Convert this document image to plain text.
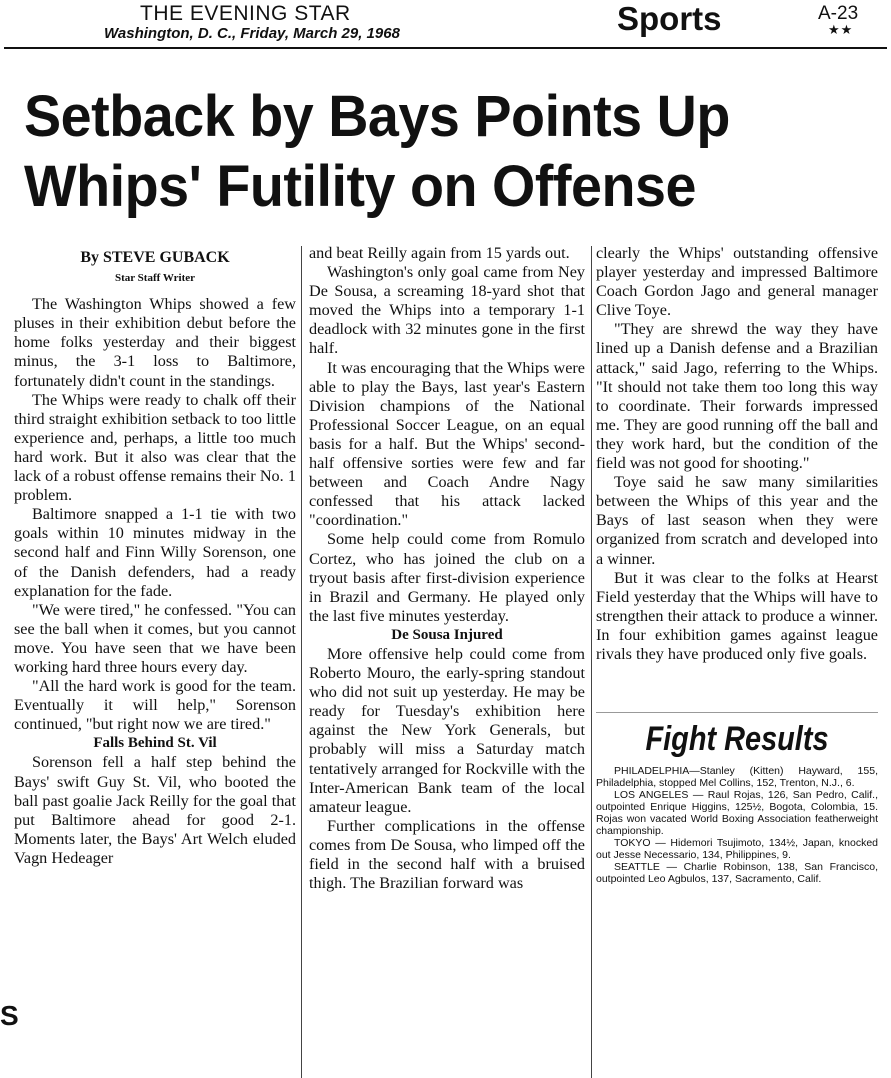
THE EVENING STAR
Washington, D. C., Friday, March 29, 1968	Sports	A-23
★★
Setback by Bays Points Up Whips' Futility on Offense

By STEVE GUBACK

Star Staff Writer

The Washington Whips showed a few pluses in their exhibition debut before the home folks yesterday and their biggest minus, the 3-1 loss to Baltimore, fortunately didn't count in the standings.

The Whips were ready to chalk off their third straight exhibition setback to too little experience and, perhaps, a little too much hard work. But it also was clear that the lack of a robust offense remains their No. 1 problem.

Baltimore snapped a 1-1 tie with two goals within 10 minutes midway in the second half and Finn Willy Sorenson, one of the Danish defenders, had a ready explanation for the fade.

"We were tired," he confessed. "You can see the ball when it comes, but you cannot move. You have seen that we have been working hard three hours every day.

"All the hard work is good for the team. Eventually it will help," Sorenson continued, "but right now we are tired."

Falls Behind St. Vil

Sorenson fell a half step behind the Bays' swift Guy St. Vil, who booted the ball past goalie Jack Reilly for the goal that put Baltimore ahead for good 2-1. Moments later, the Bays' Art Welch eluded Vagn Hedeager

and beat Reilly again from 15 yards out.

Washington's only goal came from Ney De Sousa, a screaming 18-yard shot that moved the Whips into a temporary 1-1 deadlock with 32 minutes gone in the first half.

It was encouraging that the Whips were able to play the Bays, last year's Eastern Division champions of the National Professional Soccer League, on an equal basis for a half. But the Whips' second-half offensive sorties were few and far between and Coach Andre Nagy confessed that his attack lacked "coordination."

Some help could come from Romulo Cortez, who has joined the club on a tryout basis after first-division experience in Brazil and Germany. He played only the last five minutes yesterday.

De Sousa Injured

More offensive help could come from Roberto Mouro, the early-spring standout who did not suit up yesterday. He may be ready for Tuesday's exhibition here against the New York Generals, but probably will miss a Saturday match tentatively arranged for Rockville with the Inter-American Bank team of the local amateur league.

Further complications in the offense comes from De Sousa, who limped off the field in the second half with a bruised thigh. The Brazilian forward was

clearly the Whips' outstanding offensive player yesterday and impressed Baltimore Coach Gordon Jago and general manager Clive Toye.

"They are shrewd the way they have lined up a Danish defense and a Brazilian attack," said Jago, referring to the Whips. "It should not take them too long this way to coordinate. Their forwards impressed me. They are good running off the ball and they work hard, but the condition of the field was not good for shooting."

Toye said he saw many similarities between the Whips of this year and the Bays of last season when they were organized from scratch and developed into a winner.

But it was clear to the folks at Hearst Field yesterday that the Whips will have to strengthen their attack to produce a winner. In four exhibition games against league rivals they have produced only five goals.

Fight Results

PHILADELPHIA—Stanley (Kitten) Hayward, 155, Philadelphia, stopped Mel Collins, 152, Trenton, N.J., 6.

LOS ANGELES — Raul Rojas, 126, San Pedro, Calif., outpointed Enrique Higgins, 125½, Bogota, Colombia, 15. Rojas won vacated World Boxing Association featherweight championship.

TOKYO — Hidemori Tsujimoto, 134½, Japan, knocked out Jesse Necessario, 134, Philippines, 9.

SEATTLE — Charlie Robinson, 138, San Francisco, outpointed Leo Agbulos, 137, Sacramento, Calif.

S
